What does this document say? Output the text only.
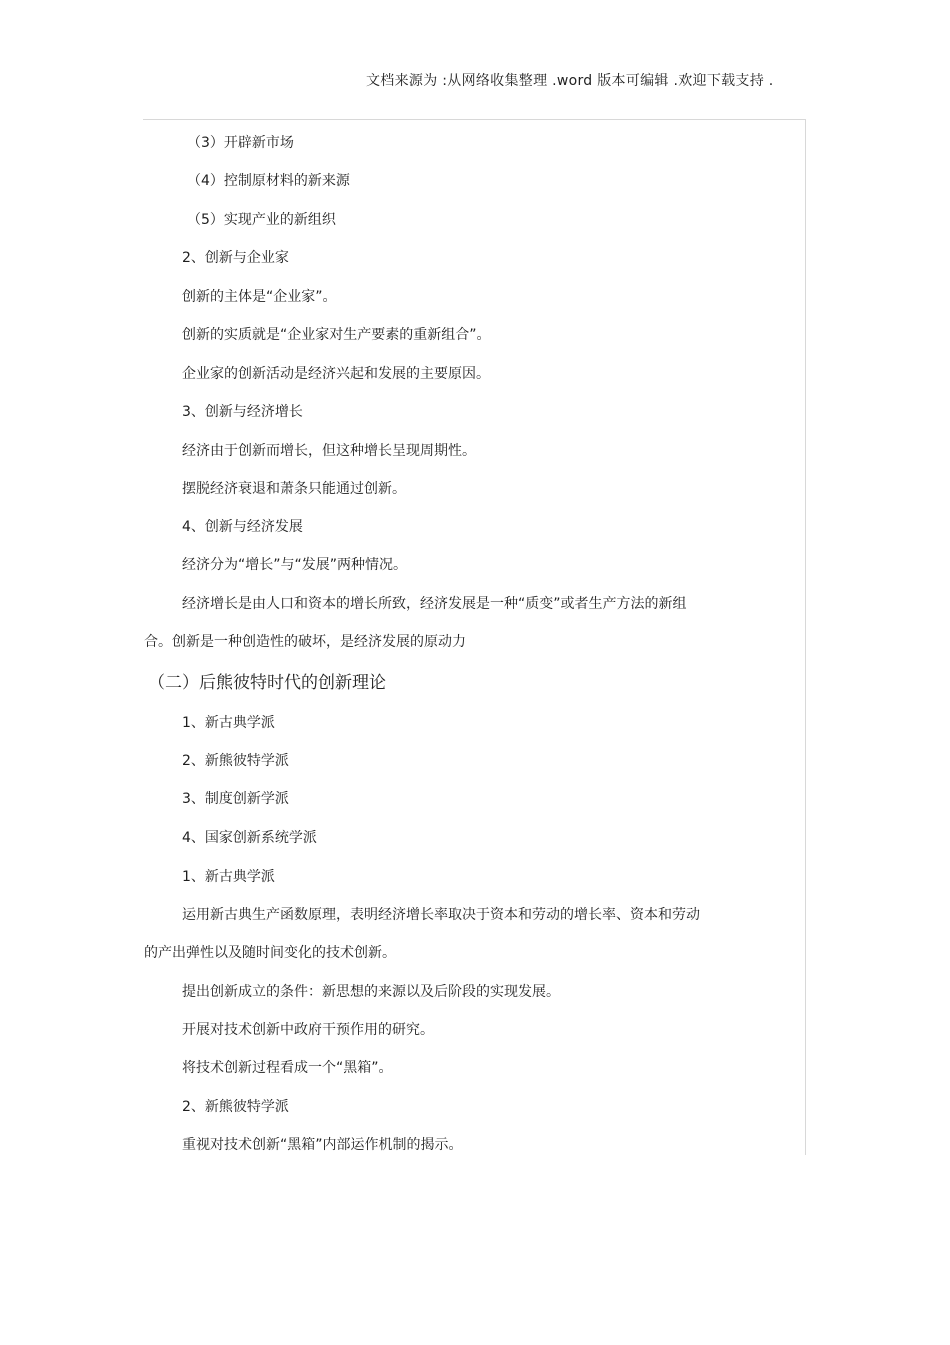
文档来源为 :从网络收集整理 .word 版本可编辑 .欢迎下载支持 .
（3）开辟新市场
（4）控制原材料的新来源
（5）实现产业的新组织
2、创新与企业家
创新的主体是“企业家”。
创新的实质就是“企业家对生产要素的重新组合”。
企业家的创新活动是经济兴起和发展的主要原因。
3、创新与经济增长
经济由于创新而增长，但这种增长呈现周期性。
摆脱经济衰退和萧条只能通过创新。
4、创新与经济发展
经济分为“增长”与“发展”两种情况。
经济增长是由人口和资本的增长所致，经济发展是一种“质变”或者生产方法的新组
合。创新是一种创造性的破坏，是经济发展的原动力
（二）后熊彼特时代的创新理论
1、新古典学派
2、新熊彼特学派
3、制度创新学派
4、国家创新系统学派
1、新古典学派
运用新古典生产函数原理，表明经济增长率取决于资本和劳动的增长率、资本和劳动
的产出弹性以及随时间变化的技术创新。
提出创新成立的条件：新思想的来源以及后阶段的实现发展。
开展对技术创新中政府干预作用的研究。
将技术创新过程看成一个“黑箱”。
2、新熊彼特学派
重视对技术创新“黑箱”内部运作机制的揭示。
